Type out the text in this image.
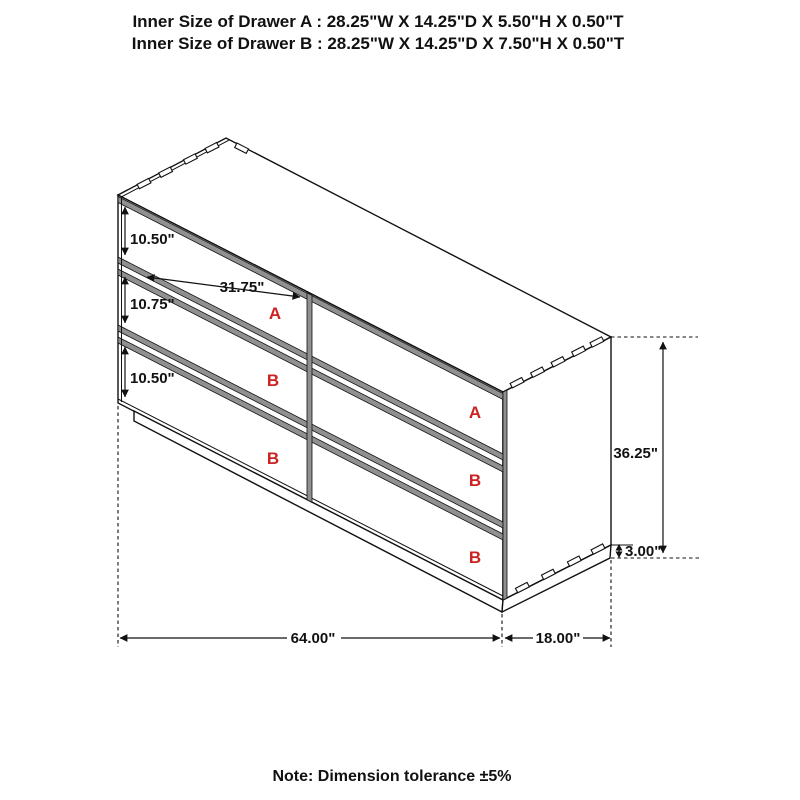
Inner Size of Drawer A : 28.25"W X 14.25"D X 5.50"H X 0.50"T
Inner Size of Drawer B : 28.25"W X 14.25"D X 7.50"H X 0.50"T
10.50"
10.75"
10.50"
31.75"
36.25"
3.00"
64.00"	18.00"
A
B
B
A
B
B
Note: Dimension tolerance ±5%
